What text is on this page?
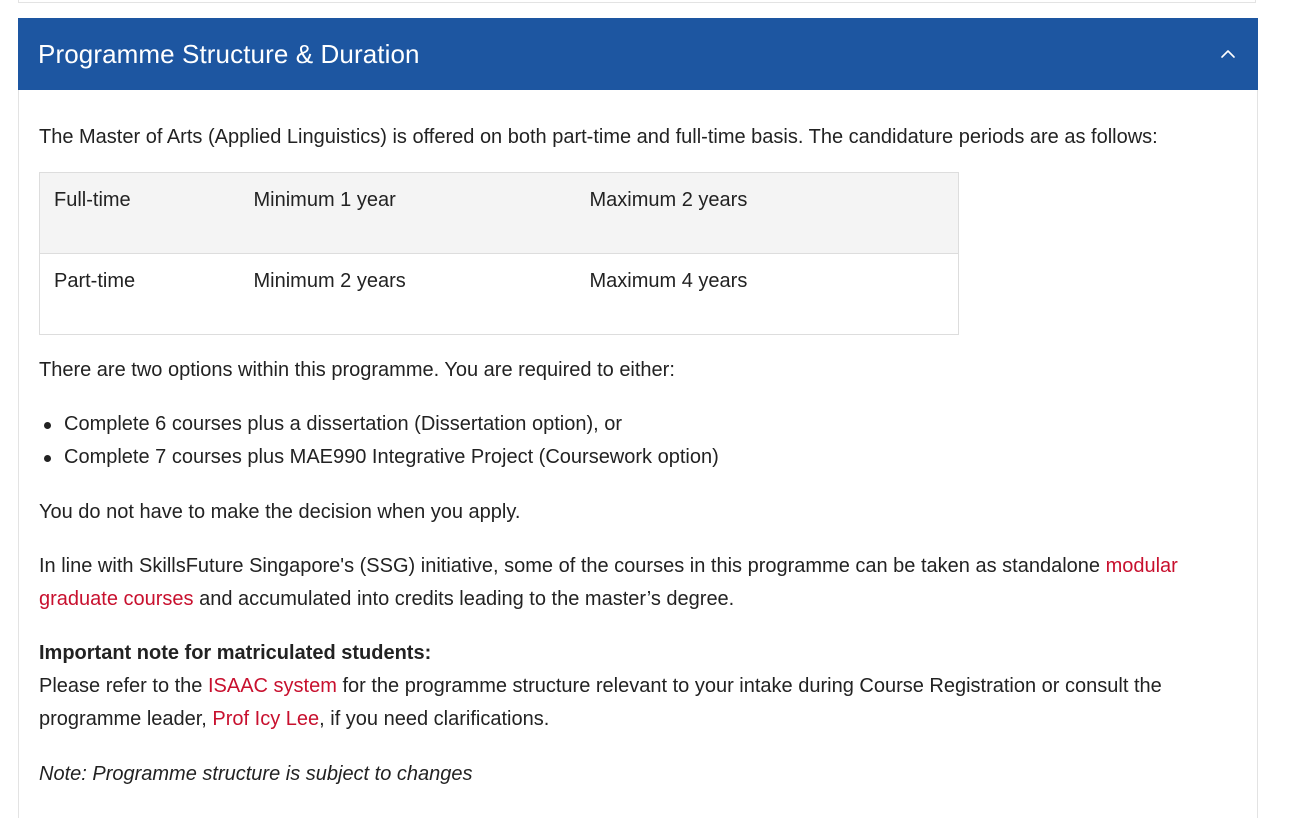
Programme Structure & Duration

The Master of Arts (Applied Linguistics) is offered on both part-time and full-time basis. The candidature periods are as follows:

Full-time	Minimum 1 year	Maximum 2 years

Part-time	Minimum 2 years	Maximum 4 years

There are two options within this programme. You are required to either:

Complete 6 courses plus a dissertation (Dissertation option), or
Complete 7 courses plus MAE990 Integrative Project (Coursework option)

You do not have to make the decision when you apply.

In line with SkillsFuture Singapore's (SSG) initiative, some of the courses in this programme can be taken as standalone modular graduate courses and accumulated into credits leading to the master’s degree.

Important note for matriculated students:

Please refer to the ISAAC system for the programme structure relevant to your intake during Course Registration or consult the programme leader, Prof Icy Lee, if you need clarifications.

Note: Programme structure is subject to changes
